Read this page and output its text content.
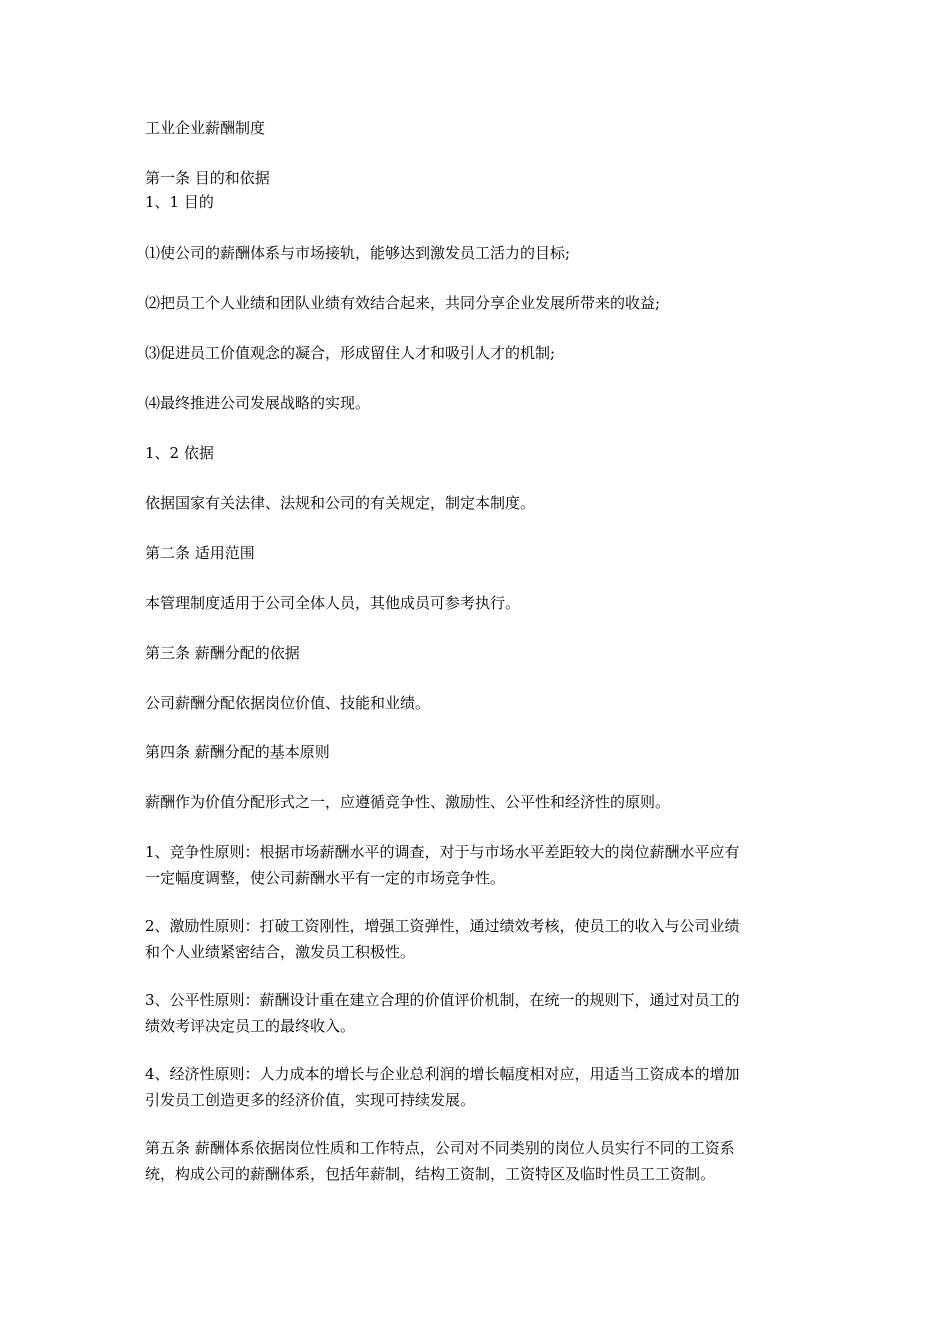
工业企业薪酬制度

第一条 目的和依据

1、1 目的

⑴使公司的薪酬体系与市场接轨，能够达到激发员工活力的目标;

⑵把员工个人业绩和团队业绩有效结合起来，共同分享企业发展所带来的收益;

⑶促进员工价值观念的凝合，形成留住人才和吸引人才的机制;

⑷最终推进公司发展战略的实现。

1、2 依据

依据国家有关法律、法规和公司的有关规定，制定本制度。

第二条 适用范围

本管理制度适用于公司全体人员，其他成员可参考执行。

第三条 薪酬分配的依据

公司薪酬分配依据岗位价值、技能和业绩。

第四条 薪酬分配的基本原则

薪酬作为价值分配形式之一，应遵循竞争性、激励性、公平性和经济性的原则。

1、竞争性原则：根据市场薪酬水平的调查，对于与市场水平差距较大的岗位薪酬水平应有
一定幅度调整，使公司薪酬水平有一定的市场竞争性。
2、激励性原则：打破工资刚性，增强工资弹性，通过绩效考核，使员工的收入与公司业绩
和个人业绩紧密结合，激发员工积极性。
3、公平性原则：薪酬设计重在建立合理的价值评价机制，在统一的规则下，通过对员工的
绩效考评决定员工的最终收入。
4、经济性原则：人力成本的增长与企业总利润的增长幅度相对应，用适当工资成本的增加
引发员工创造更多的经济价值，实现可持续发展。
第五条 薪酬体系依据岗位性质和工作特点，公司对不同类别的岗位人员实行不同的工资系
统，构成公司的薪酬体系，包括年薪制，结构工资制，工资特区及临时性员工工资制。
